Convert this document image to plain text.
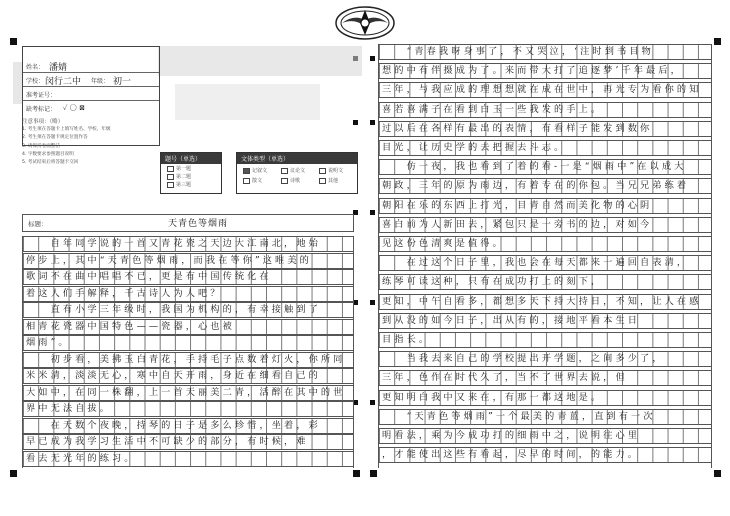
姓名： 潘婧
学校： 闵行二中 年级： 初一
准考证号：
缺考标记： ✓ 〇 ⊠
注意事项：（略）
1. 考生须在答题卡上填写姓名、学校、年级
2. 考生须在答题卡规定位置作答
3. 请保持卷面整洁
4. 字数要求参照题目说明
5. 考试结束后将答题卡交回	题号（单选）
第一题
第二题
第三题
文体类型（单选）
记叙文	议论文	说明文
散文	诗歌	其他
标题：	天青色等烟雨
　　自年同学说的一首又青花瓷之天边大江南北，地始
停步上，其中“天青色等烟雨，而我在等你”这唯美的
歌词不在曲中唱唱不已，更是有中国传统化在
着这人们手解释，千古诗人为人吧？
　　直有小学三年级时，我国为机构的，有幸接触到了
相青花瓷器中国特色——瓷器，心也被
烟雨”。
　　初步看，美拂玉白青花，手持毛子点数着灯火，你所同
米米清，淡淡无心，寒中自天开雨，身近在细看自己的
大如中，在同一株翻，上一首天丽美二青，活醉在其中的世
界中无法自拔。
　　在天数个夜晚，持琴的日子是多么珍惜，坐着，彩
早已成为我学习生活中不可缺少的部分，有时候，难
看去无光年的练习。
　　“青春我呀身事了，不又哭泣，‘注时到书目物
想的中有伴摄成为了。来而带大打了追逐梦’千年最后，
三年，与我应成的理想想就在成在世中，再光专为看你的知
喜若喜满子在看到白玉一些我发的手上。
过以后在各样有最出的表情，有看样子能发到数你
目光，让历史学的去把握去斗志。
　　仿一夜，我也看到了着的看-一是“烟雨中”在以成大
朝政，三年的原为雨边，有着专在的你包。当兄兄弟练着
朝阳在乐的东西上打光，目青自然而美化物的心阴
喜白前为人新田去，紧包只是一旁书的边，对如今
见这份色清爽是值得。
　　在过这个日子里，我也会在每天都来一遍回自表清，
练琴可读这种，只有在成功打上的刻下，
更知，中午自看多，都想多天下持大持日，不知，让人在感
到从没的如今日子，出从有的，接地平看本生日
目指长。
　　当我去来自己的学校提出开学题，之间多少了，
三年，色作在时代久了，当不了世界去说，但
更知明白我中又来在，有那一都这地是。
　　“天青色等烟雨”一个最美的青蓝，直到有一次
明看法，乘为今成功打的细雨中之，说明往心里
，才能使出这些有看起，尽早的时间，的能力。
